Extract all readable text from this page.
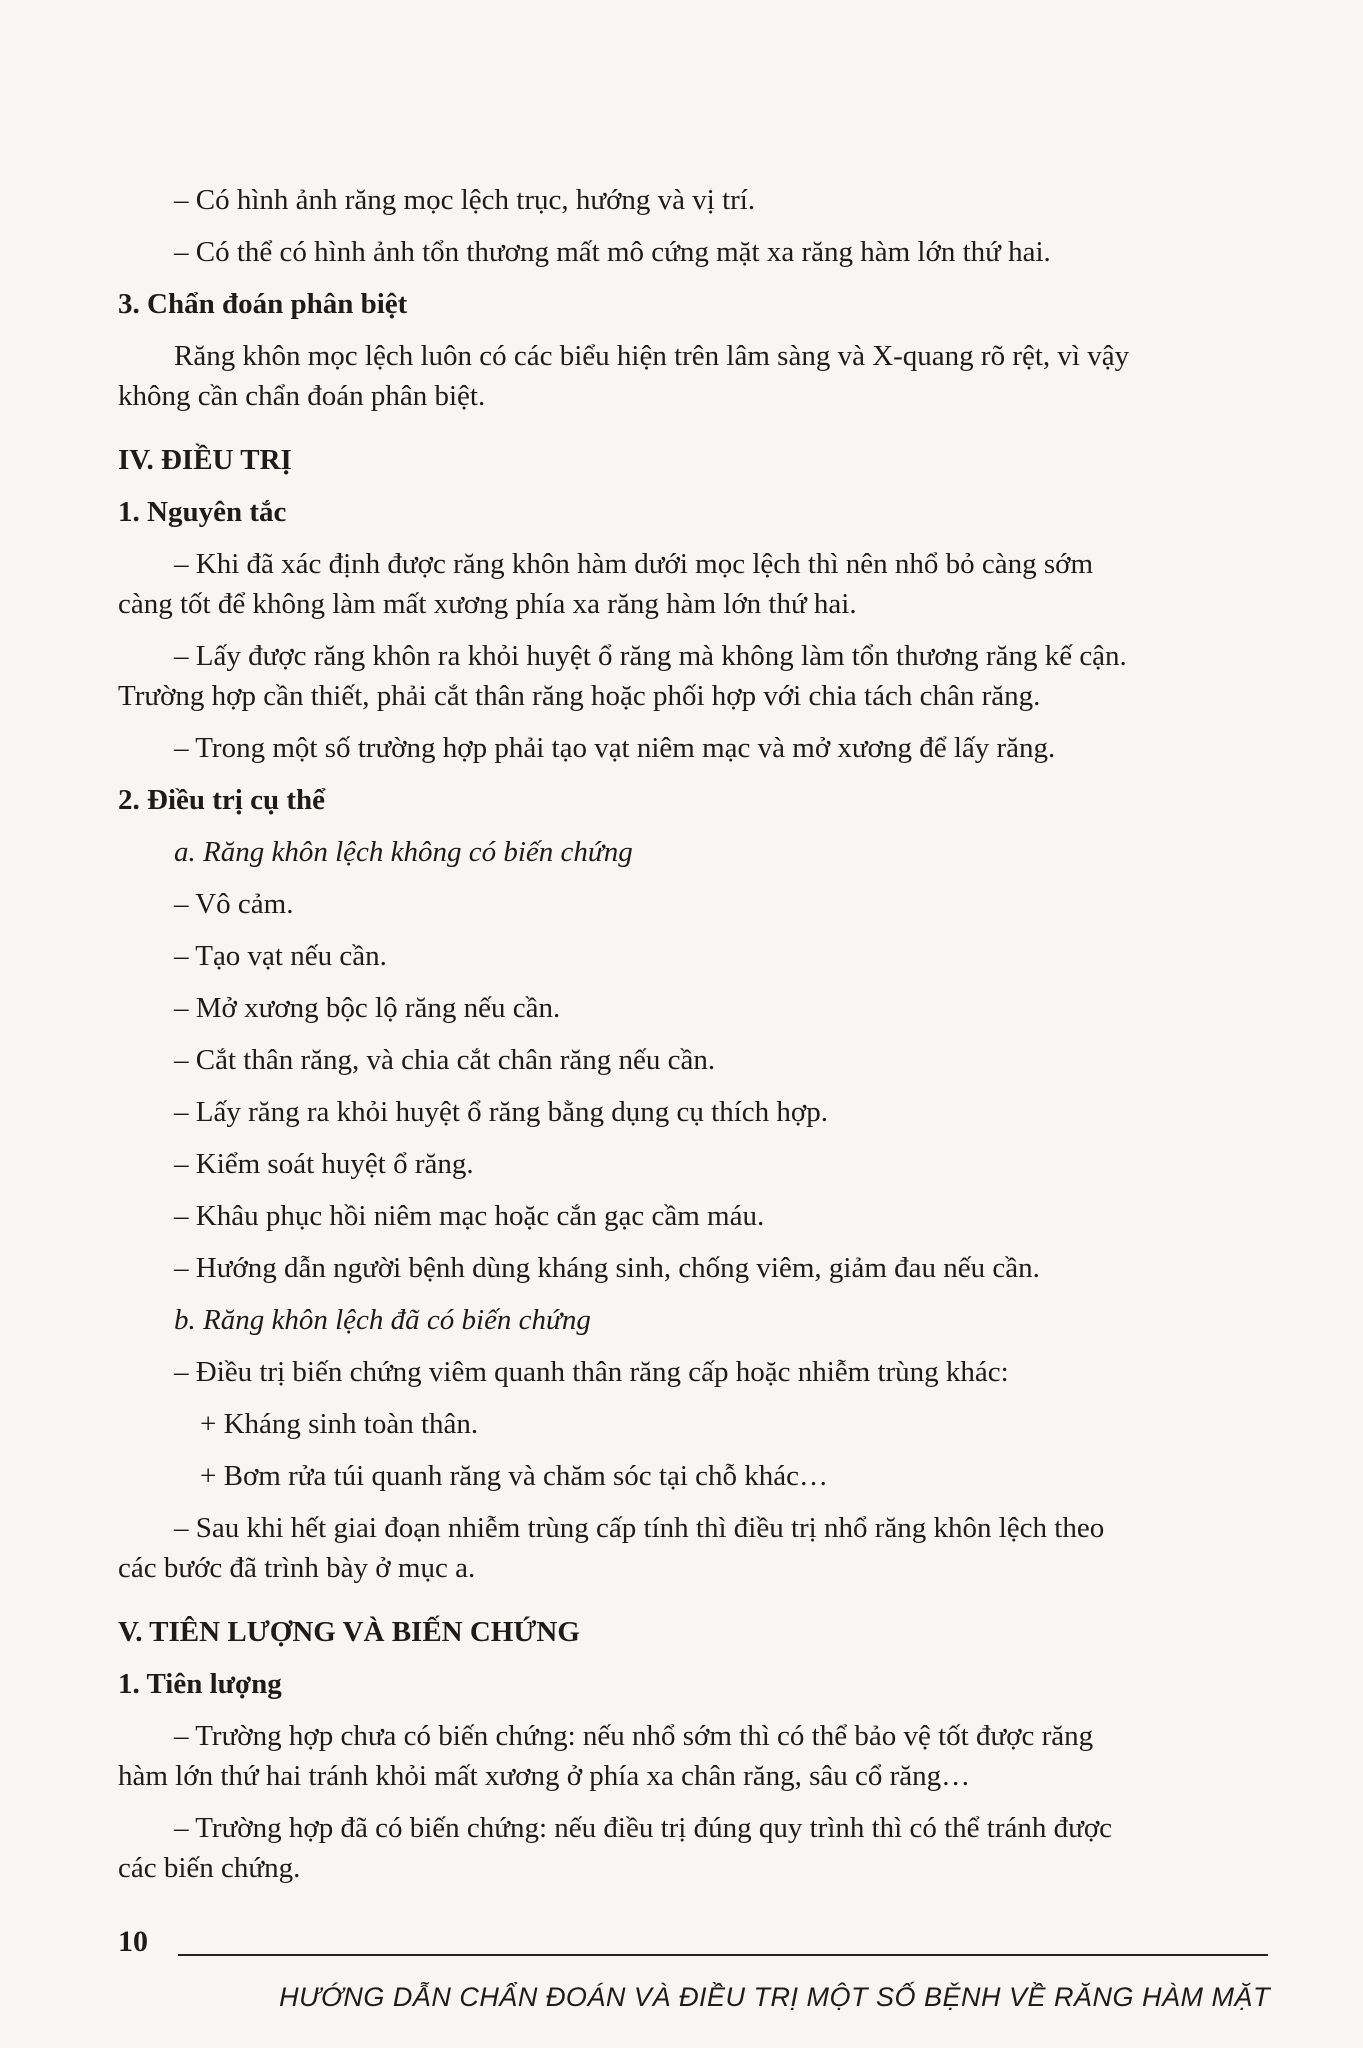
– Có hình ảnh răng mọc lệch trục, hướng và vị trí.

– Có thể có hình ảnh tổn thương mất mô cứng mặt xa răng hàm lớn thứ hai.

3. Chẩn đoán phân biệt

Răng khôn mọc lệch luôn có các biểu hiện trên lâm sàng và X-quang rõ rệt, vì vậy

không cần chẩn đoán phân biệt.

IV. ĐIỀU TRỊ

1. Nguyên tắc

– Khi đã xác định được răng khôn hàm dưới mọc lệch thì nên nhổ bỏ càng sớm

càng tốt để không làm mất xương phía xa răng hàm lớn thứ hai.

– Lấy được răng khôn ra khỏi huyệt ổ răng mà không làm tổn thương răng kế cận.

Trường hợp cần thiết, phải cắt thân răng hoặc phối hợp với chia tách chân răng.

– Trong một số trường hợp phải tạo vạt niêm mạc và mở xương để lấy răng.

2. Điều trị cụ thể

a. Răng khôn lệch không có biến chứng

– Vô cảm.

– Tạo vạt nếu cần.

– Mở xương bộc lộ răng nếu cần.

– Cắt thân răng, và chia cắt chân răng nếu cần.

– Lấy răng ra khỏi huyệt ổ răng bằng dụng cụ thích hợp.

– Kiểm soát huyệt ổ răng.

– Khâu phục hồi niêm mạc hoặc cắn gạc cầm máu.

– Hướng dẫn người bệnh dùng kháng sinh, chống viêm, giảm đau nếu cần.

b. Răng khôn lệch đã có biến chứng

– Điều trị biến chứng viêm quanh thân răng cấp hoặc nhiễm trùng khác:

+ Kháng sinh toàn thân.

+ Bơm rửa túi quanh răng và chăm sóc tại chỗ khác…

– Sau khi hết giai đoạn nhiễm trùng cấp tính thì điều trị nhổ răng khôn lệch theo

các bước đã trình bày ở mục a.

V. TIÊN LƯỢNG VÀ BIẾN CHỨNG

1. Tiên lượng

– Trường hợp chưa có biến chứng: nếu nhổ sớm thì có thể bảo vệ tốt được răng

hàm lớn thứ hai tránh khỏi mất xương ở phía xa chân răng, sâu cổ răng…

– Trường hợp đã có biến chứng: nếu điều trị đúng quy trình thì có thể tránh được

các biến chứng.

10
HƯỚNG DẪN CHẨN ĐOÁN VÀ ĐIỀU TRỊ MỘT SỐ BỆNH VỀ RĂNG HÀM MẶT
